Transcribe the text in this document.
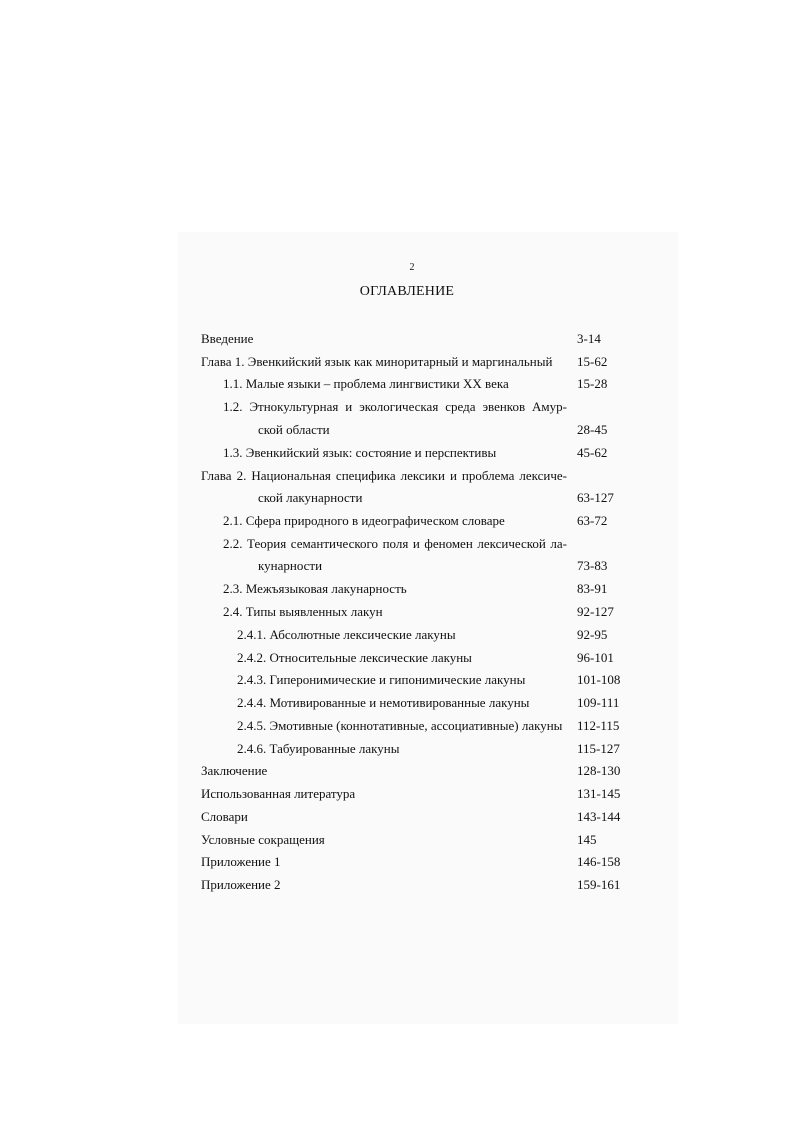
2
ОГЛАВЛЕНИЕ
Введение	3-14
Глава 1. Эвенкийский язык как миноритарный и маргинальный 15-62
1.1. Малые языки – проблема лингвистики XX века	15-28
1.2. Этнокультурная и экологическая среда эвенков Амур-
ской области	28-45
1.3. Эвенкийский язык: состояние и перспективы	45-62
Глава 2. Национальная специфика лексики и проблема лексиче-
ской лакунарности	63-127
2.1. Сфера природного в идеографическом словаре	63-72
2.2. Теория семантического поля и феномен лексической ла-
кунарности	73-83
2.3. Межъязыковая лакунарность	83-91
2.4. Типы выявленных лакун	92-127
2.4.1. Абсолютные лексические лакуны	92-95
2.4.2. Относительные лексические лакуны	96-101
2.4.3. Гиперонимические и гипонимические лакуны	101-108
2.4.4. Мотивированные и немотивированные лакуны	109-111
2.4.5. Эмотивные (коннотативные, ассоциативные) лакуны 112-115
2.4.6. Табуированные лакуны	115-127
Заключение	128-130
Использованная литература	131-145
Словари	143-144
Условные сокращения	145
Приложение 1	146-158
Приложение 2	159-161
